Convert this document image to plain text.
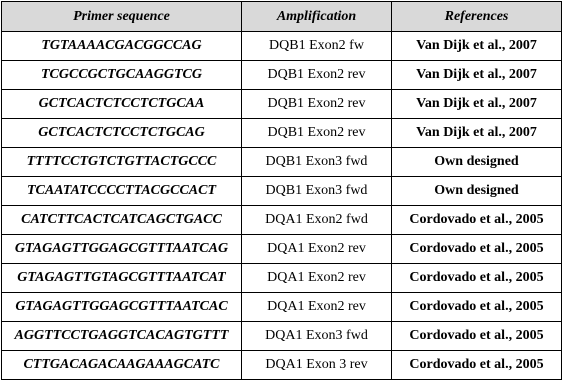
Primer sequence	Amplification	References
TGTAAAACGACGGCCAG	DQB1 Exon2 fw	Van Dijk et al., 2007
TCGCCGCTGCAAGGTCG	DQB1 Exon2 rev	Van Dijk et al., 2007
GCTCACTCTCCTCTGCAA	DQB1 Exon2 rev	Van Dijk et al., 2007
GCTCACTCTCCTCTGCAG	DQB1 Exon2 rev	Van Dijk et al., 2007
TTTTCCTGTCTGTTACTGCCC	DQB1 Exon3 fwd	Own designed
TCAATATCCCCTTACGCCACT	DQB1 Exon3 fwd	Own designed
CATCTTCACTCATCAGCTGACC	DQA1 Exon2 fwd	Cordovado et al., 2005
GTAGAGTTGGAGCGTTTAATCAG	DQA1 Exon2 rev	Cordovado et al., 2005
GTAGAGTTGTAGCGTTTAATCAT	DQA1 Exon2 rev	Cordovado et al., 2005
GTAGAGTTGGAGCGTTTAATCAC	DQA1 Exon2 rev	Cordovado et al., 2005
AGGTTCCTGAGGTCACAGTGTTT	DQA1 Exon3 fwd	Cordovado et al., 2005
CTTGACAGACAAGAAAGCATC	DQA1 Exon 3 rev	Cordovado et al., 2005
